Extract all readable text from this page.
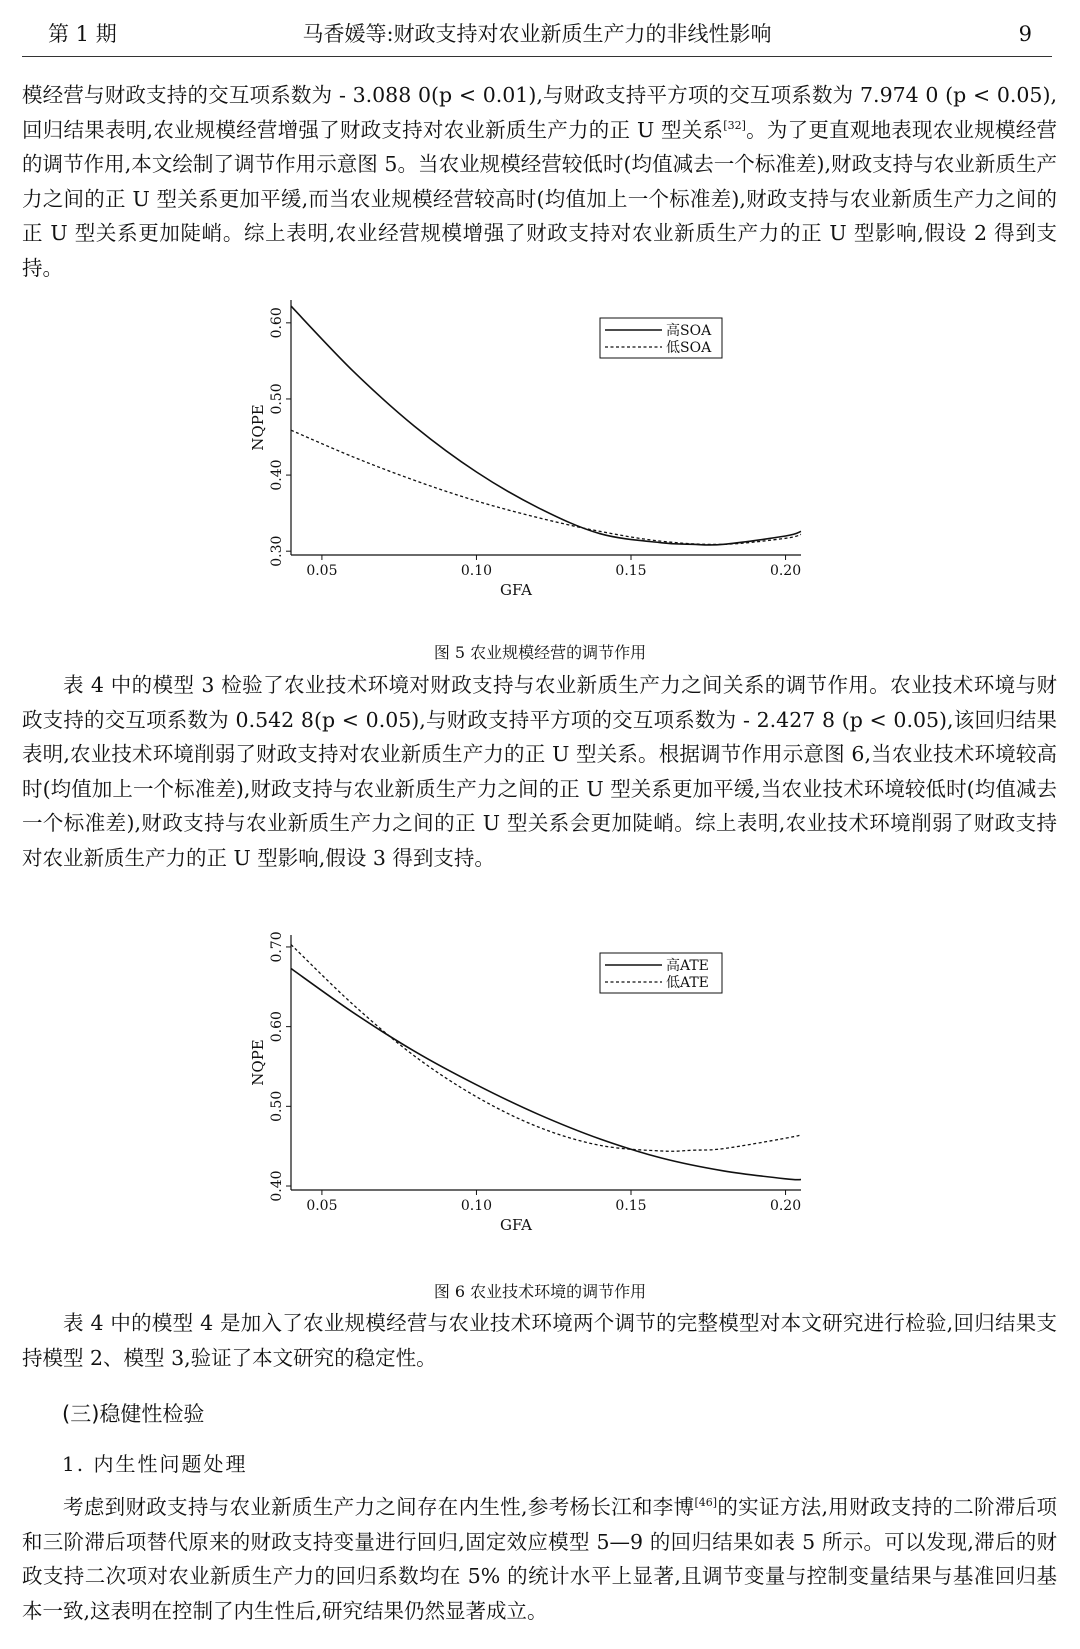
第 1 期	马香媛等:财政支持对农业新质生产力的非线性影响	9

模经营与财政支持的交互项系数为 - 3.088 0(p < 0.01),与财政支持平方项的交互项系数为 7.974 0 (p < 0.05),回归结果表明,农业规模经营增强了财政支持对农业新质生产力的正 U 型关系[32]。为了更直观地表现农业规模经营的调节作用,本文绘制了调节作用示意图 5。当农业规模经营较低时(均值减去一个标准差),财政支持与农业新质生产力之间的正 U 型关系更加平缓,而当农业规模经营较高时(均值加上一个标准差),财政支持与农业新质生产力之间的正 U 型关系更加陡峭。综上表明,农业经营规模增强了财政支持对农业新质生产力的正 U 型影响,假设 2 得到支持。

0.05	0.10	0.15	0.20
0.30
0.40
0.50
0.60
GFA
NQPE
高SOA
低SOA
图 5 农业规模经营的调节作用

表 4 中的模型 3 检验了农业技术环境对财政支持与农业新质生产力之间关系的调节作用。农业技术环境与财政支持的交互项系数为 0.542 8(p < 0.05),与财政支持平方项的交互项系数为 - 2.427 8 (p < 0.05),该回归结果表明,农业技术环境削弱了财政支持对农业新质生产力的正 U 型关系。根据调节作用示意图 6,当农业技术环境较高时(均值加上一个标准差),财政支持与农业新质生产力之间的正 U 型关系更加平缓,当农业技术环境较低时(均值减去一个标准差),财政支持与农业新质生产力之间的正 U 型关系会更加陡峭。综上表明,农业技术环境削弱了财政支持对农业新质生产力的正 U 型影响,假设 3 得到支持。

0.05	0.10	0.15	0.20
0.40
0.50
0.60
0.70
GFA
NQPE
高ATE
低ATE
图 6 农业技术环境的调节作用

表 4 中的模型 4 是加入了农业规模经营与农业技术环境两个调节的完整模型对本文研究进行检验,回归结果支持模型 2、模型 3,验证了本文研究的稳定性。

(三)稳健性检验
1. 内生性问题处理

考虑到财政支持与农业新质生产力之间存在内生性,参考杨长江和李博[46]的实证方法,用财政支持的二阶滞后项和三阶滞后项替代原来的财政支持变量进行回归,固定效应模型 5—9 的回归结果如表 5 所示。可以发现,滞后的财政支持二次项对农业新质生产力的回归系数均在 5% 的统计水平上显著,且调节变量与控制变量结果与基准回归基本一致,这表明在控制了内生性后,研究结果仍然显著成立。
